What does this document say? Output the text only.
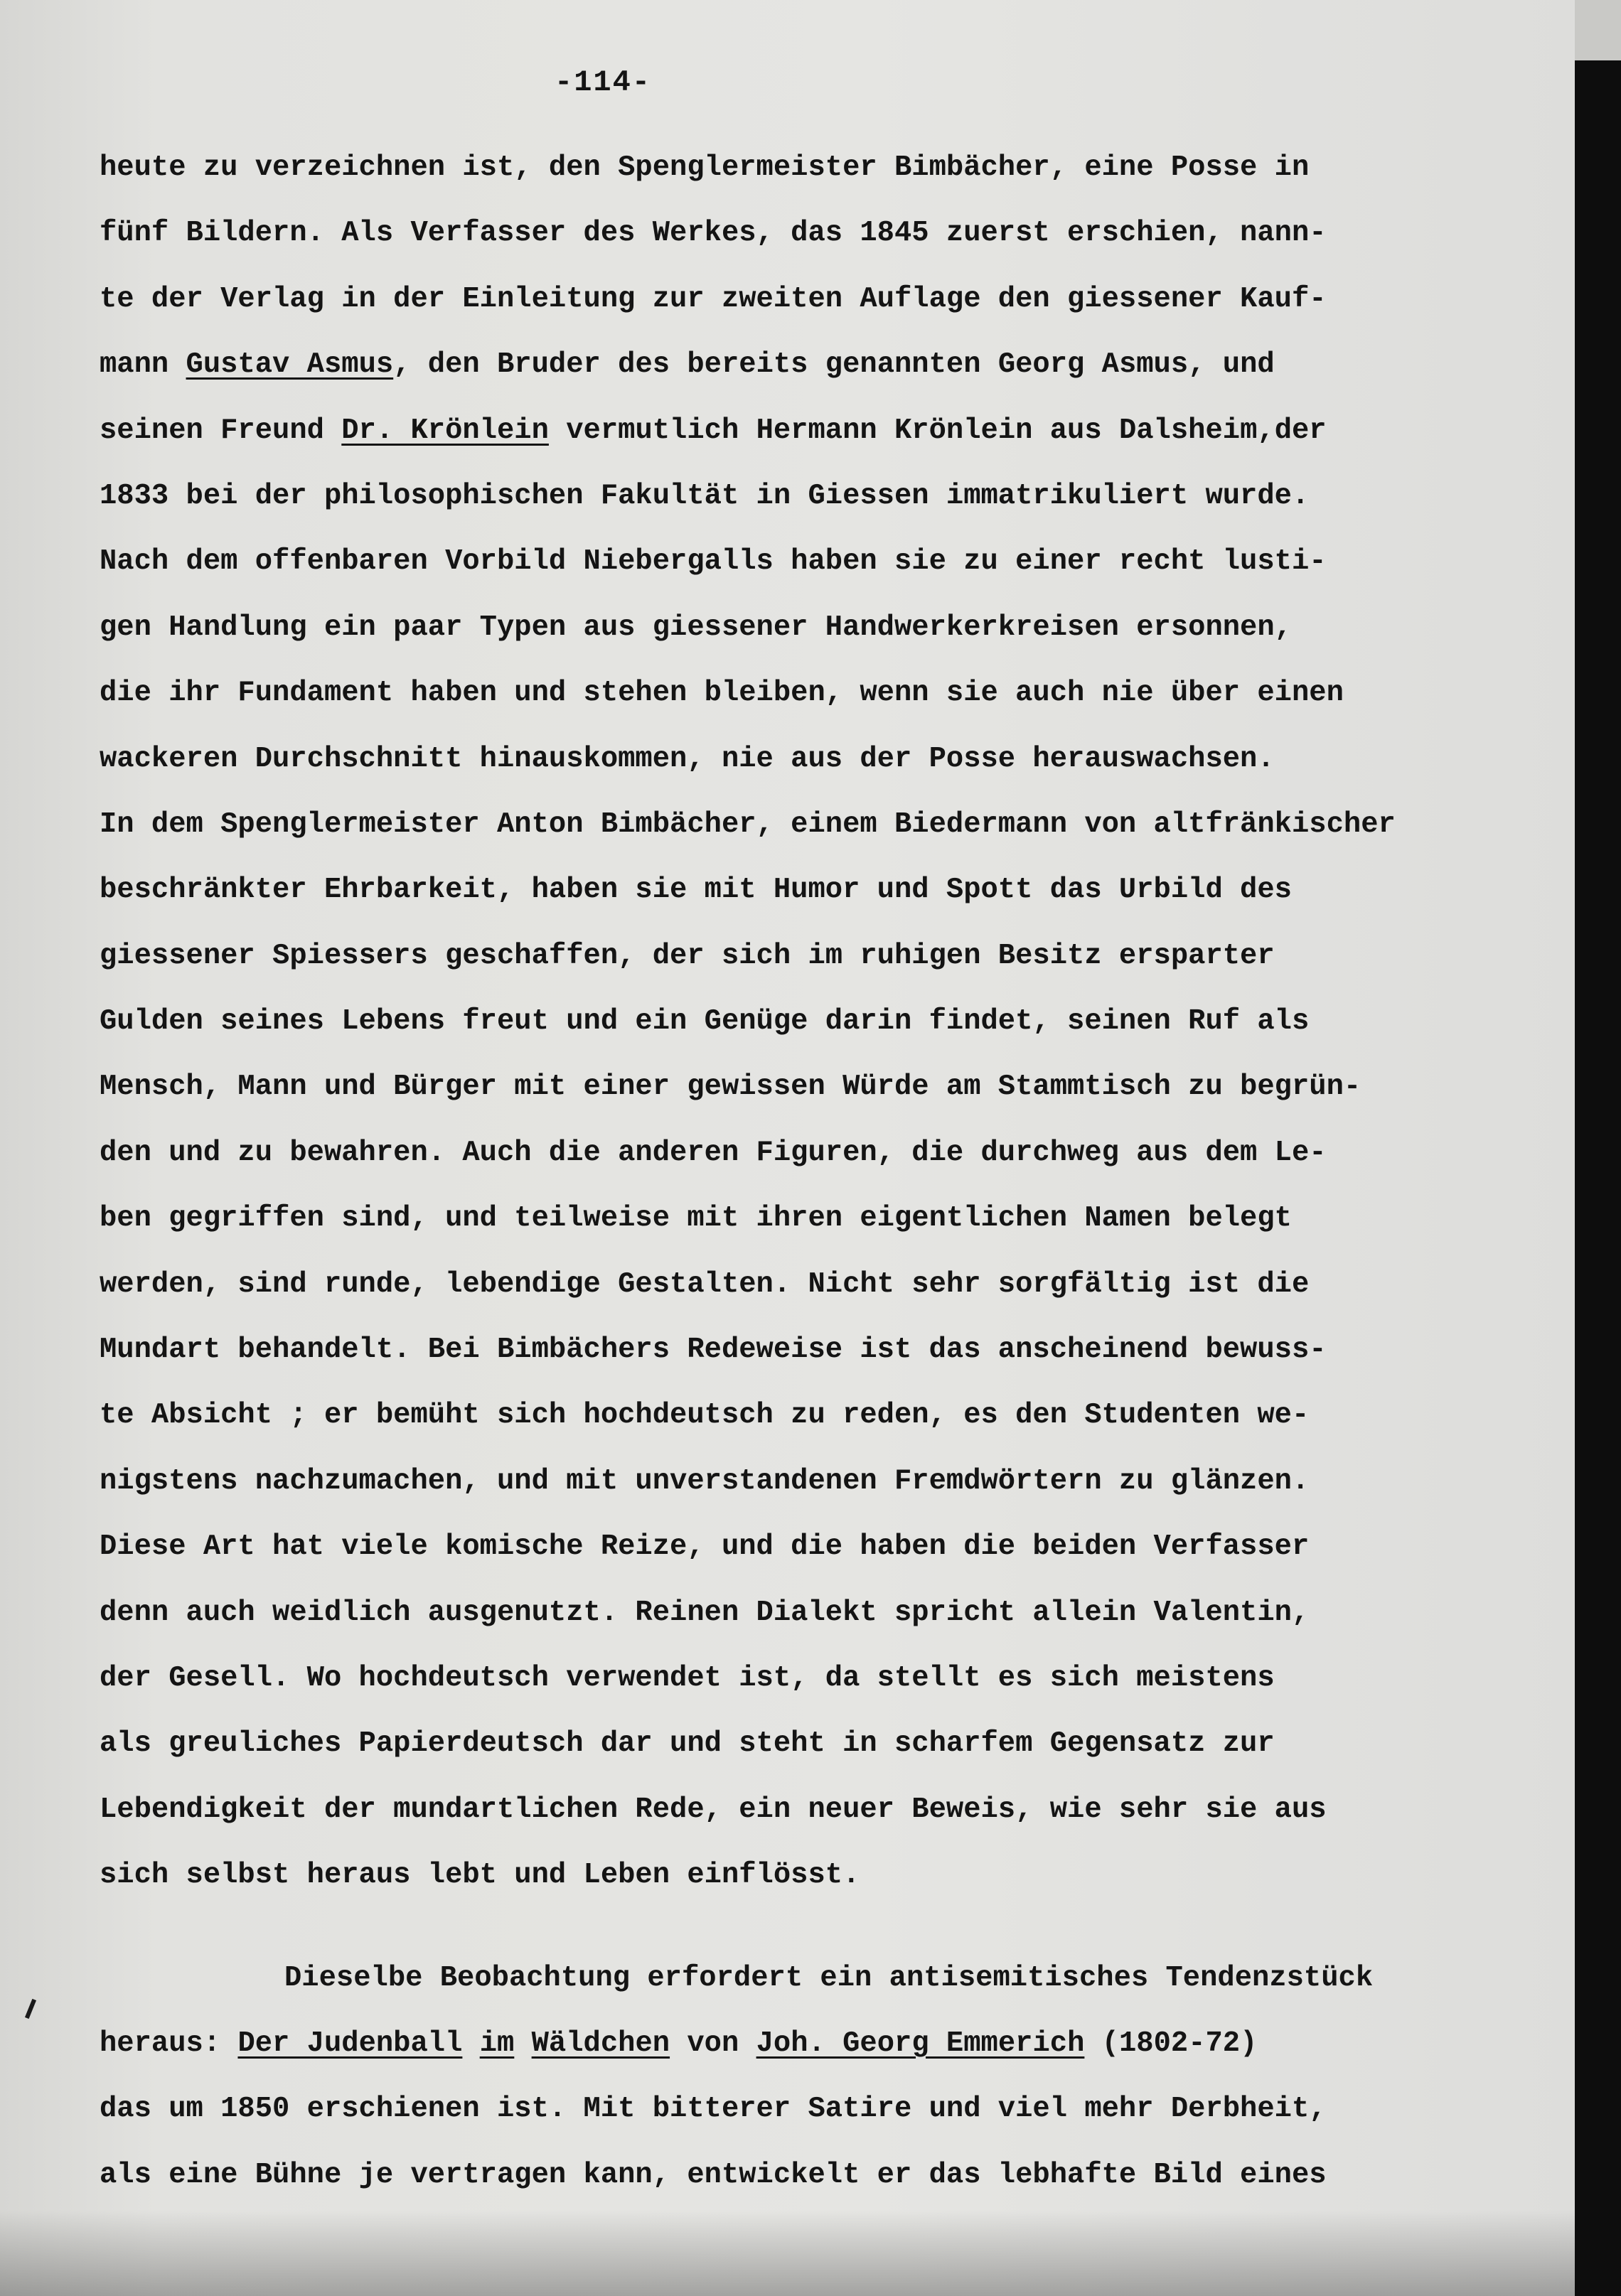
-114-
heute zu verzeichnen ist, den Spenglermeister Bimbächer, eine Posse in
fünf Bildern. Als Verfasser des Werkes, das 1845 zuerst erschien, nann-
te der Verlag in der Einleitung zur zweiten Auflage den giessener Kauf-
mann Gustav Asmus, den Bruder des bereits genannten Georg Asmus, und
seinen Freund Dr. Krönlein vermutlich Hermann Krönlein aus Dalsheim,der
1833 bei der philosophischen Fakultät in Giessen immatrikuliert wurde.
Nach dem offenbaren Vorbild Niebergalls haben sie zu einer recht lusti-
gen Handlung ein paar Typen aus giessener Handwerkerkreisen ersonnen,
die ihr Fundament haben und stehen bleiben, wenn sie auch nie über einen
wackeren Durchschnitt hinauskommen, nie aus der Posse herauswachsen.
In dem Spenglermeister Anton Bimbächer, einem Biedermann von altfränkischer
beschränkter Ehrbarkeit, haben sie mit Humor und Spott das Urbild des
giessener Spiessers geschaffen, der sich im ruhigen Besitz ersparter
Gulden seines Lebens freut und ein Genüge darin findet, seinen Ruf als
Mensch, Mann und Bürger mit einer gewissen Würde am Stammtisch zu begrün-
den und zu bewahren. Auch die anderen Figuren, die durchweg aus dem Le-
ben gegriffen sind, und teilweise mit ihren eigentlichen Namen belegt
werden, sind runde, lebendige Gestalten. Nicht sehr sorgfältig ist die
Mundart behandelt. Bei Bimbächers Redeweise ist das anscheinend bewuss-
te Absicht ; er bemüht sich hochdeutsch zu reden, es den Studenten we-
nigstens nachzumachen, und mit unverstandenen Fremdwörtern zu glänzen.
Diese Art hat viele komische Reize, und die haben die beiden Verfasser
denn auch weidlich ausgenutzt. Reinen Dialekt spricht allein Valentin,
der Gesell. Wo hochdeutsch verwendet ist, da stellt es sich meistens
als greuliches Papierdeutsch dar und steht in scharfem Gegensatz zur
Lebendigkeit der mundartlichen Rede, ein neuer Beweis, wie sehr sie aus
sich selbst heraus lebt und Leben einflösst.
Dieselbe Beobachtung erfordert ein antisemitisches Tendenzstück
heraus: Der Judenball im Wäldchen von Joh. Georg Emmerich (1802-72)
das um 1850 erschienen ist. Mit bitterer Satire und viel mehr Derbheit,
als eine Bühne je vertragen kann, entwickelt er das lebhafte Bild eines
